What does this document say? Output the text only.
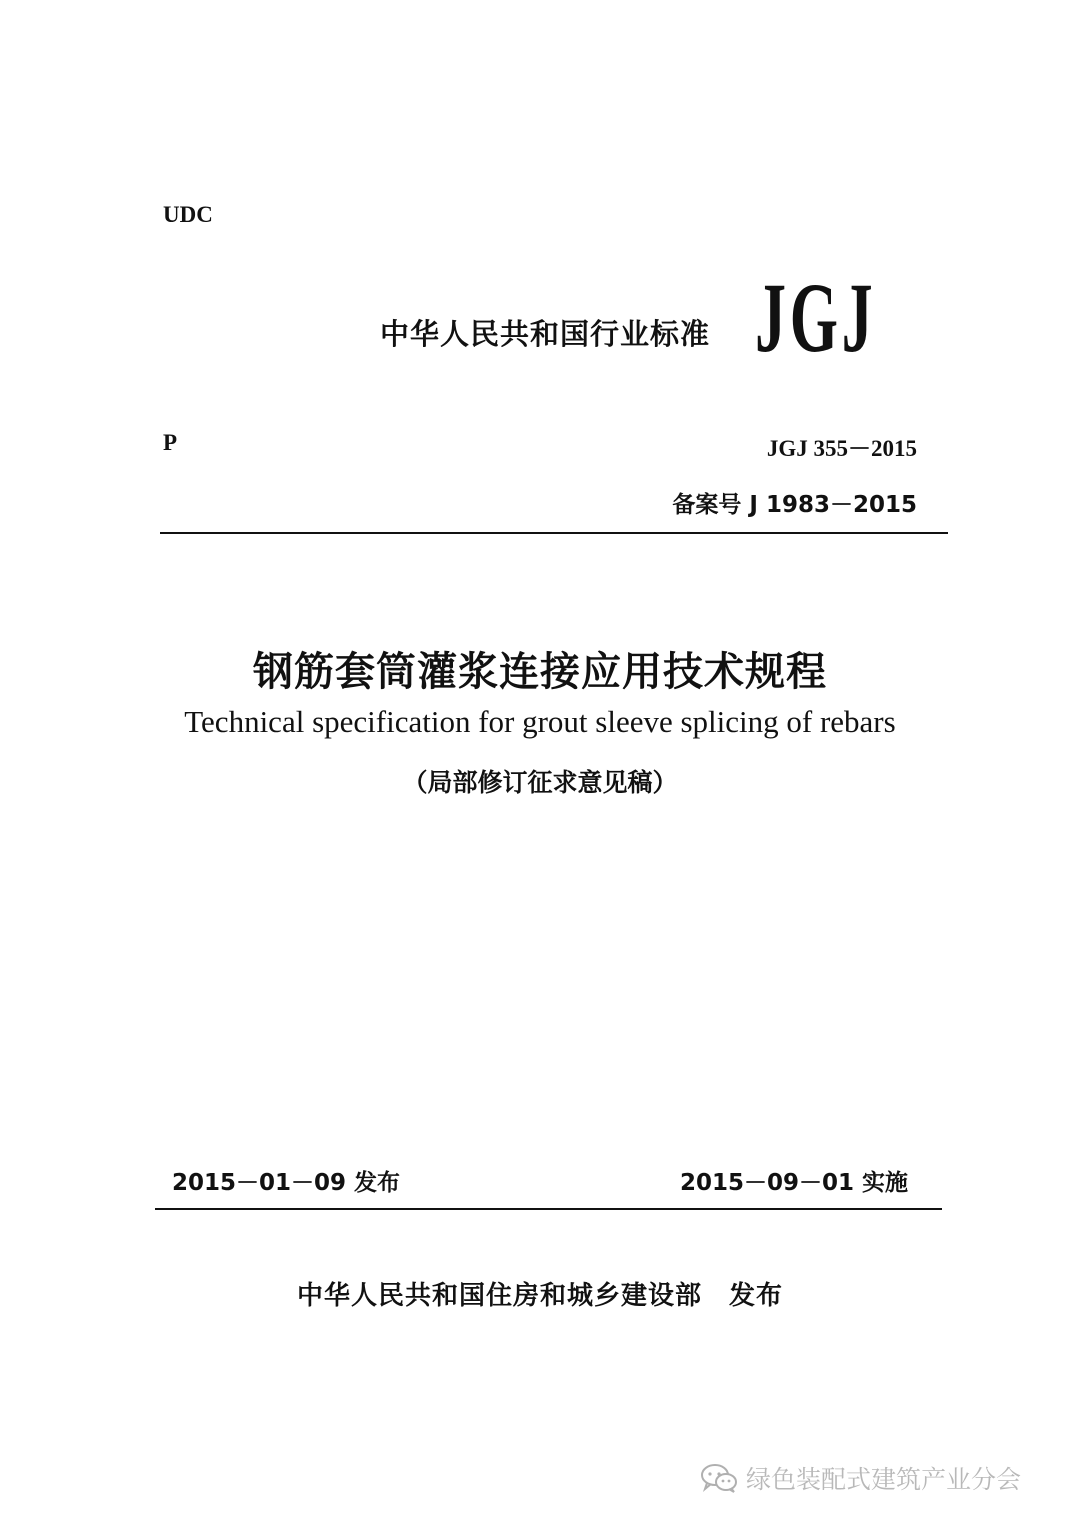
UDC
中华人民共和国行业标准 JGJ
P	JGJ 355－2015
备案号 J 1983－2015
钢筋套筒灌浆连接应用技术规程
Technical specification for grout sleeve splicing of rebars
（局部修订征求意见稿）
2015－01－09 发布	2015－09－01 实施
中华人民共和国住房和城乡建设部　发布
绿色装配式建筑产业分会
